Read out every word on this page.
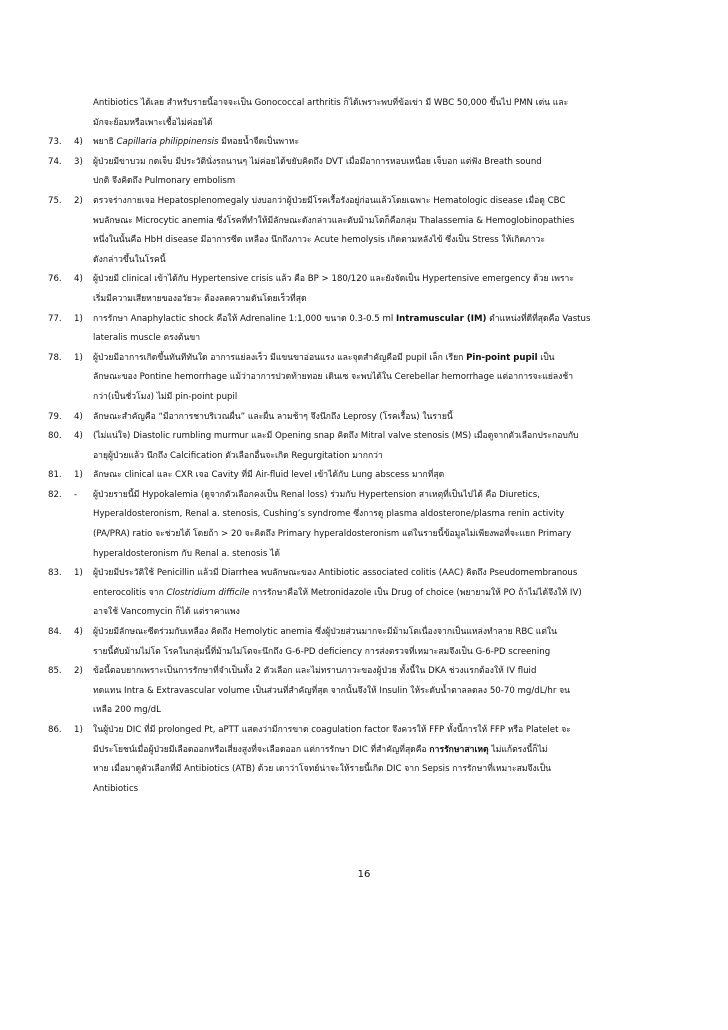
Antibiotics ได้เลย สำหรับรายนี้อาจจะเป็น Gonococcal arthritis ก็ได้เพราะพบที่ข้อเข่า มี WBC 50,000 ขึ้นไป PMN เด่น และ
มักจะย้อมหรือเพาะเชื้อไม่ค่อยได้
73.	4)	พยาธิ Capillaria philippinensis มีหอยน้ำจืดเป็นพาหะ
74.	3)	ผู้ป่วยมีขาบวม กดเจ็บ มีประวัตินั่งรถนานๆ ไม่ค่อยได้ขยับคิดถึง DVT เมื่อมีอาการหอบเหนื่อย เจ็บอก แต่ฟัง Breath sound
ปกติ จึงคิดถึง Pulmonary embolism
75.	2)	ตรวจร่างกายเจอ Hepatosplenomegaly บ่งบอกว่าผู้ป่วยมีโรคเรื้อรังอยู่ก่อนแล้วโดยเฉพาะ Hematologic disease เมื่อดู CBC
พบลักษณะ Microcytic anemia ซึ่งโรคที่ทำให้มีลักษณะดังกล่าวและตับม้ามโตก็คือกลุ่ม Thalassemia & Hemoglobinopathies
หนึ่งในนั้นคือ HbH disease มีอาการซีด เหลือง นึกถึงภาวะ Acute hemolysis เกิดตามหลังไข้ ซึ่งเป็น Stress ให้เกิดภาวะ
ดังกล่าวขึ้นในโรคนี้
76.	4)	ผู้ป่วยมี clinical เข้าได้กับ Hypertensive crisis แล้ว คือ BP > 180/120 และยังจัดเป็น Hypertensive emergency ด้วย เพราะ
เริ่มมีความเสียหายของอวัยวะ ต้องลดความดันโดยเร็วที่สุด
77.	1)	การรักษา Anaphylactic shock คือให้ Adrenaline 1:1,000 ขนาด 0.3-0.5 ml Intramuscular (IM) ตำแหน่งที่ดีที่สุดคือ Vastus
lateralis muscle ตรงต้นขา
78.	1)	ผู้ป่วยมีอาการเกิดขึ้นทันทีทันใด อาการแย่ลงเร็ว มีแขนขาอ่อนแรง และจุดสำคัญคือมี pupil เล็ก เรียก Pin-point pupil เป็น
ลักษณะของ Pontine hemorrhage แม้ว่าอาการปวดท้ายทอย เดินเซ จะพบได้ใน Cerebellar hemorrhage แต่อาการจะแย่ลงช้า
กว่า(เป็นชั่วโมง) ไม่มี pin-point pupil
79.	4)	ลักษณะสำคัญคือ “มีอาการชาบริเวณผื่น” และผื่น ลามช้าๆ จึงนึกถึง Leprosy (โรคเรื้อน) ในรายนี้
80.	4)	(ไม่แน่ใจ) Diastolic rumbling murmur และมี Opening snap คิดถึง Mitral valve stenosis (MS) เมื่อดูจากตัวเลือกประกอบกับ
อายุผู้ป่วยแล้ว นึกถึง Calcification ตัวเลือกอื่นจะเกิด Regurgitation มากกว่า
81.	1)	ลักษณะ clinical และ CXR เจอ Cavity ที่มี Air-fluid level เข้าได้กับ Lung abscess มากที่สุด
82.	-	ผู้ป่วยรายนี้มี Hypokalemia (ดูจากตัวเลือกคงเป็น Renal loss) ร่วมกับ Hypertension สาเหตุที่เป็นไปได้ คือ Diuretics,
Hyperaldosteronism, Renal a. stenosis, Cushing’s syndrome ซึ่งการดู plasma aldosterone/plasma renin activity
(PA/PRA) ratio จะช่วยได้ โดยถ้า > 20 จะคิดถึง Primary hyperaldosteronism แต่ในรายนี้ข้อมูลไม่เพียงพอที่จะแยก Primary
hyperaldosteronism กับ Renal a. stenosis ได้
83.	1)	ผู้ป่วยมีประวัติใช้ Penicillin แล้วมี Diarrhea พบลักษณะของ Antibiotic associated colitis (AAC) คิดถึง Pseudomembranous
enterocolitis จาก Clostridium difficile การรักษาคือให้ Metronidazole เป็น Drug of choice (พยายามให้ PO ถ้าไม่ได้จึงให้ IV)
อาจใช้ Vancomycin ก็ได้ แต่ราคาแพง
84.	4)	ผู้ป่วยมีลักษณะซีดร่วมกับเหลือง คิดถึง Hemolytic anemia ซึ่งผู้ป่วยส่วนมากจะมีม้ามโตเนื่องจากเป็นแหล่งทำลาย RBC แต่ใน
รายนี้ตับม้ามไม่โต โรคในกลุ่มนี้ที่ม้ามไม่โตจะนึกถึง G-6-PD deficiency การส่งตรวจที่เหมาะสมจึงเป็น G-6-PD screening
85.	2)	ข้อนี้ตอบยากเพราะเป็นการรักษาที่จำเป็นทั้ง 2 ตัวเลือก และไม่ทราบภาวะของผู้ป่วย ทั้งนี้ใน DKA ช่วงแรกต้องให้ IV fluid
ทดแทน Intra & Extravascular volume เป็นส่วนที่สำคัญที่สุด จากนั้นจึงให้ Insulin ให้ระดับน้ำตาลลดลง 50-70 mg/dL/hr จน
เหลือ 200 mg/dL
86.	1)	ในผู้ป่วย DIC ที่มี prolonged Pt, aPTT แสดงว่ามีการขาด coagulation factor จึงควรให้ FFP ทั้งนี้การให้ FFP หรือ Platelet จะ
มีประโยชน์เมื่อผู้ป่วยมีเลือดออกหรือเสี่ยงสูงที่จะเลือดออก แต่การรักษา DIC ที่สำคัญที่สุดคือ การรักษาสาเหตุ ไม่แก้ตรงนี้ก็ไม่
หาย เมื่อมาดูตัวเลือกที่มี Antibiotics (ATB) ด้วย เดาว่าโจทย์น่าจะให้รายนี้เกิด DIC จาก Sepsis การรักษาที่เหมาะสมจึงเป็น
Antibiotics
16
